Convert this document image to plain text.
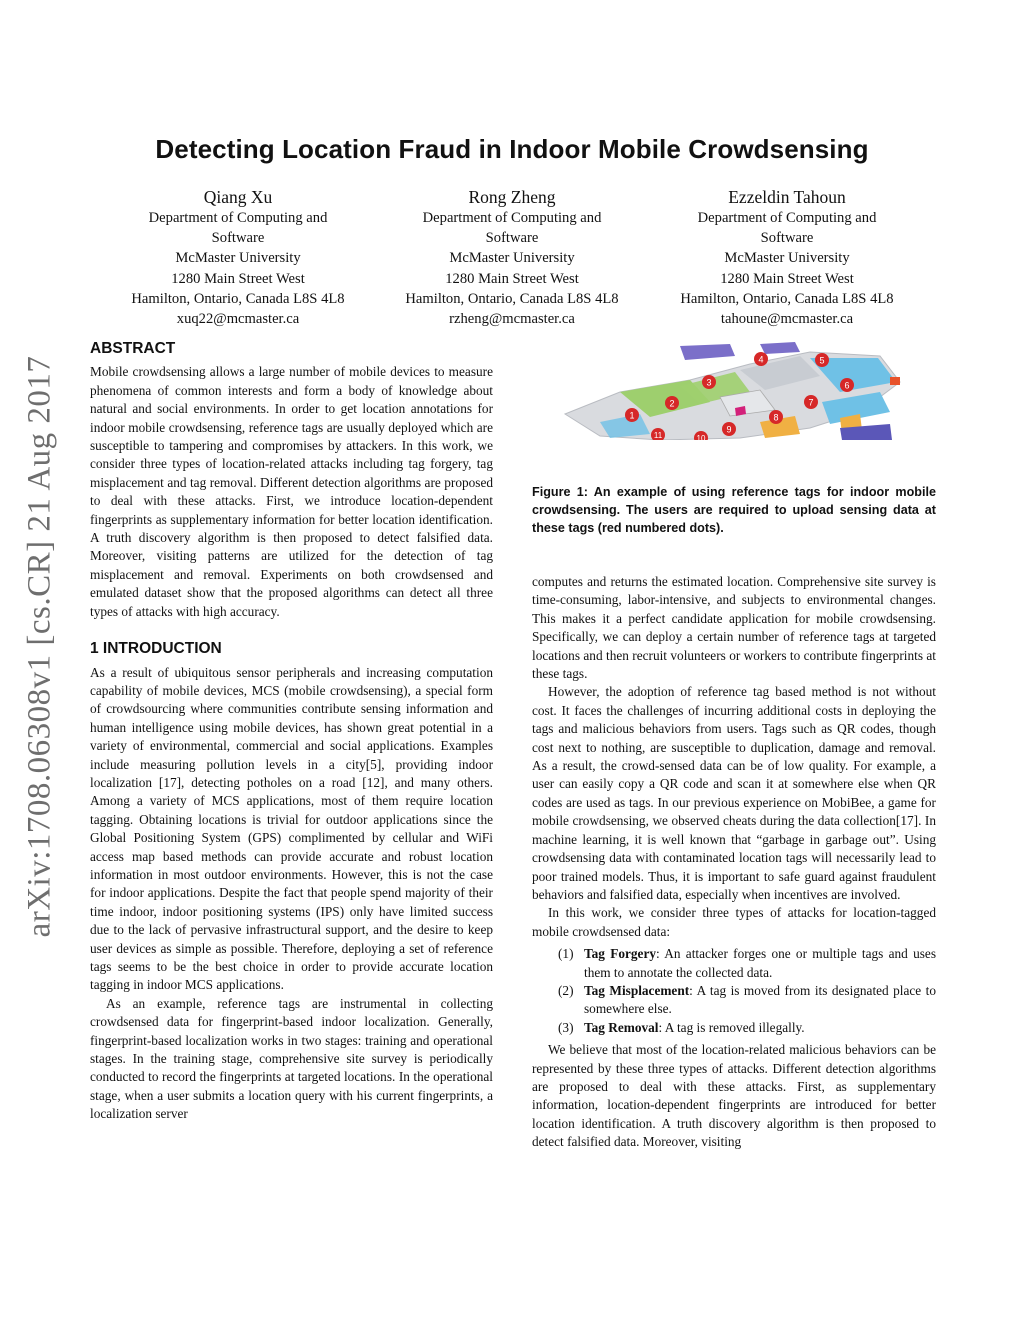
Detecting Location Fraud in Indoor Mobile Crowdsensing
arXiv:1708.06308v1 [cs.CR] 21 Aug 2017
Qiang Xu
Department of Computing and
Software
McMaster University
1280 Main Street West
Hamilton, Ontario, Canada L8S 4L8
xuq22@mcmaster.ca
Rong Zheng
Department of Computing and
Software
McMaster University
1280 Main Street West
Hamilton, Ontario, Canada L8S 4L8
rzheng@mcmaster.ca
Ezzeldin Tahoun
Department of Computing and
Software
McMaster University
1280 Main Street West
Hamilton, Ontario, Canada L8S 4L8
tahoune@mcmaster.ca
ABSTRACT

Mobile crowdsensing allows a large number of mobile devices to measure phenomena of common interests and form a body of knowledge about natural and social environments. In order to get location annotations for indoor mobile crowdsensing, reference tags are usually deployed which are susceptible to tampering and compromises by attackers. In this work, we consider three types of location-related attacks including tag forgery, tag misplacement and tag removal. Different detection algorithms are proposed to deal with these attacks. First, we introduce location-dependent fingerprints as supplementary information for better location identification. A truth discovery algorithm is then proposed to detect falsified data. Moreover, visiting patterns are utilized for the detection of tag misplacement and removal. Experiments on both crowdsensed and emulated dataset show that the proposed algorithms can detect all three types of attacks with high accuracy.

1 INTRODUCTION

As a result of ubiquitous sensor peripherals and increasing computation capability of mobile devices, MCS (mobile crowdsensing), a special form of crowdsourcing where communities contribute sensing information and human intelligence using mobile devices, has shown great potential in a variety of environmental, commercial and social applications. Examples include measuring pollution levels in a city[5], providing indoor localization [17], detecting potholes on a road [12], and many others. Among a variety of MCS applications, most of them require location tagging. Obtaining locations is trivial for outdoor applications since the Global Positioning System (GPS) complimented by cellular and WiFi access map based methods can provide accurate and robust location information in most outdoor environments. However, this is not the case for indoor applications. Despite the fact that people spend majority of their time indoor, indoor positioning systems (IPS) only have limited success due to the lack of pervasive infrastructural support, and the desire to keep user devices as simple as possible. Therefore, deploying a set of reference tags seems to be the best choice in order to provide accurate location tagging in indoor MCS applications.

As an example, reference tags are instrumental in collecting crowdsensed data for fingerprint-based indoor localization. Generally, fingerprint-based localization works in two stages: training and operational stages. In the training stage, comprehensive site survey is periodically conducted to record the fingerprints at targeted locations. In the operational stage, when a user submits a location query with his current fingerprints, a localization server

1
2
3
4	5
6
7
8
9
10
11
Figure 1: An example of using reference tags for indoor mobile crowdsensing. The users are required to upload sensing data at these tags (red numbered dots).

computes and returns the estimated location. Comprehensive site survey is time-consuming, labor-intensive, and subjects to environmental changes. This makes it a perfect candidate application for mobile crowdsensing. Specifically, we can deploy a certain number of reference tags at targeted locations and then recruit volunteers or workers to contribute fingerprints at these tags.

However, the adoption of reference tag based method is not without cost. It faces the challenges of incurring additional costs in deploying the tags and malicious behaviors from users. Tags such as QR codes, though cost next to nothing, are susceptible to duplication, damage and removal. As a result, the crowd-sensed data can be of low quality. For example, a user can easily copy a QR code and scan it at somewhere else when QR codes are used as tags. In our previous experience on MobiBee, a game for mobile crowdsensing, we observed cheats during the data collection[17]. In machine learning, it is well known that “garbage in garbage out”. Using crowdsensing data with contaminated location tags will necessarily lead to poor trained models. Thus, it is important to safe guard against fraudulent behaviors and falsified data, especially when incentives are involved.

In this work, we consider three types of attacks for location-tagged mobile crowdsensed data:

(1) Tag Forgery: An attacker forges one or multiple tags and uses them to annotate the collected data.
(2) Tag Misplacement: A tag is moved from its designated place to somewhere else.
(3) Tag Removal: A tag is removed illegally.

We believe that most of the location-related malicious behaviors can be represented by these three types of attacks. Different detection algorithms are proposed to deal with these attacks. First, as supplementary information, location-dependent fingerprints are introduced for better location identification. A truth discovery algorithm is then proposed to detect falsified data. Moreover, visiting
